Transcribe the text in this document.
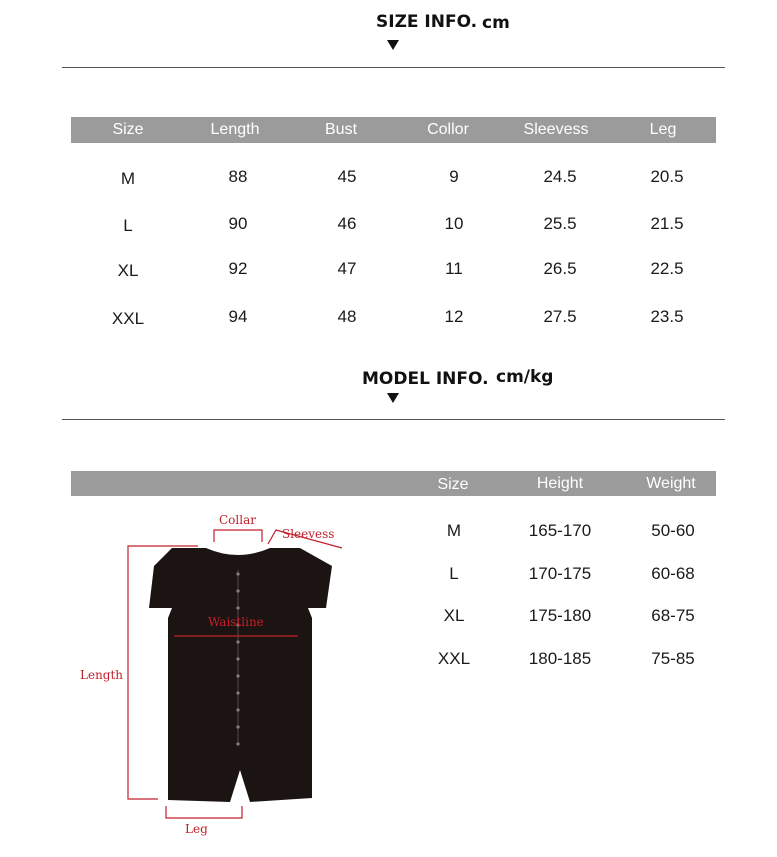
SIZE INFO. cm
Size	Length	Bust	Collor	Sleevess	Leg
M	88	45	9	24.5	20.5
L	90	46	10	25.5	21.5
XL	92	47	11	26.5	22.5
XXL	94	48	12	27.5	23.5
MODEL INFO. cm/kg
Size	Height	Weight
M	165-170	50-60
L	170-175	60-68
XL	175-180	68-75
XXL	180-185	75-85
Collar
Sleevess
Waistline
Length
Leg
